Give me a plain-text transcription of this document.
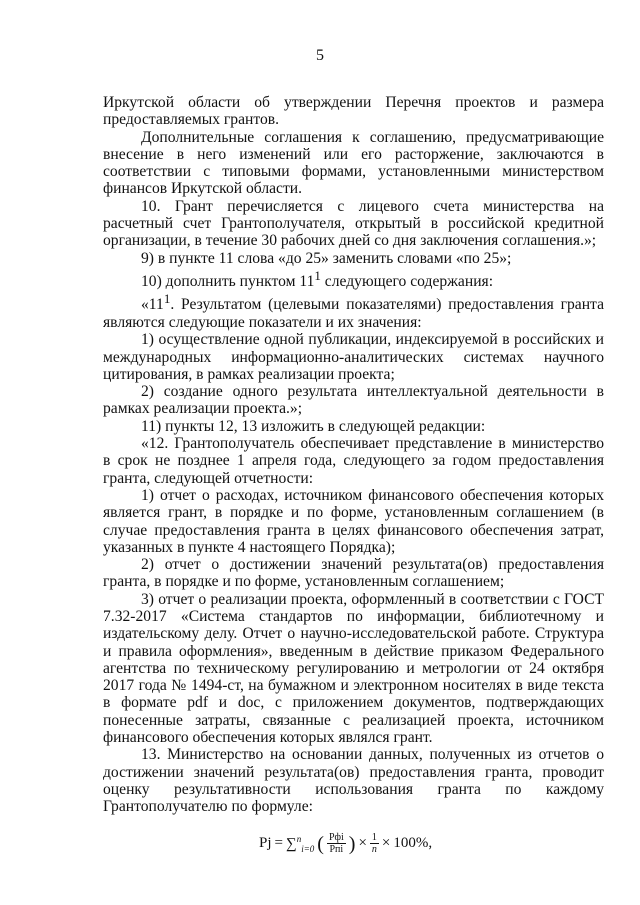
5

Иркутской области об утверждении Перечня проектов и размера предоставляемых грантов.

Дополнительные соглашения к соглашению, предусматривающие внесение в него изменений или его расторжение, заключаются в соответствии с типовыми формами, установленными министерством финансов Иркутской области.

10. Грант перечисляется с лицевого счета министерства на расчетный счет Грантополучателя, открытый в российской кредитной организации, в течение 30 рабочих дней со дня заключения соглашения.»;

9) в пункте 11 слова «до 25» заменить словами «по 25»;

10) дополнить пунктом $11^1$ следующего содержания:

«$11^1$. Результатом (целевыми показателями) предоставления гранта являются следующие показатели и их значения:

1) осуществление одной публикации, индексируемой в российских и международных информационно-аналитических системах научного цитирования, в рамках реализации проекта;

2) создание одного результата интеллектуальной деятельности в рамках реализации проекта.»;

11) пункты 12, 13 изложить в следующей редакции:

«12. Грантополучатель обеспечивает представление в министерство в срок не позднее 1 апреля года, следующего за годом предоставления гранта, следующей отчетности:

1) отчет о расходах, источником финансового обеспечения которых является грант, в порядке и по форме, установленным соглашением (в случае предоставления гранта в целях финансового обеспечения затрат, указанных в пункте 4 настоящего Порядка);

2) отчет о достижении значений результата(ов) предоставления гранта, в порядке и по форме, установленным соглашением;

3) отчет о реализации проекта, оформленный в соответствии с ГОСТ 7.32-2017 «Система стандартов по информации, библиотечному и издательскому делу. Отчет о научно-исследовательской работе. Структура и правила оформления», введенным в действие приказом Федерального агентства по техническому регулированию и метрологии от 24 октября 2017 года № 1494-ст, на бумажном и электронном носителях в виде текста в формате pdf и doc, с приложением документов, подтверждающих понесенные затраты, связанные с реализацией проекта, источником финансового обеспечения которых являлся грант.

13. Министерство на основании данных, полученных из отчетов о достижении значений результата(ов) предоставления гранта, проводит оценку результативности использования гранта по каждому Грантополучателю по формуле:

Pj = ∑$^n_{i=0}$ ( $\frac{\text{Pфi}}{\text{Pпi}}$ ) × $\frac{1}{n} \times 100\%$,
